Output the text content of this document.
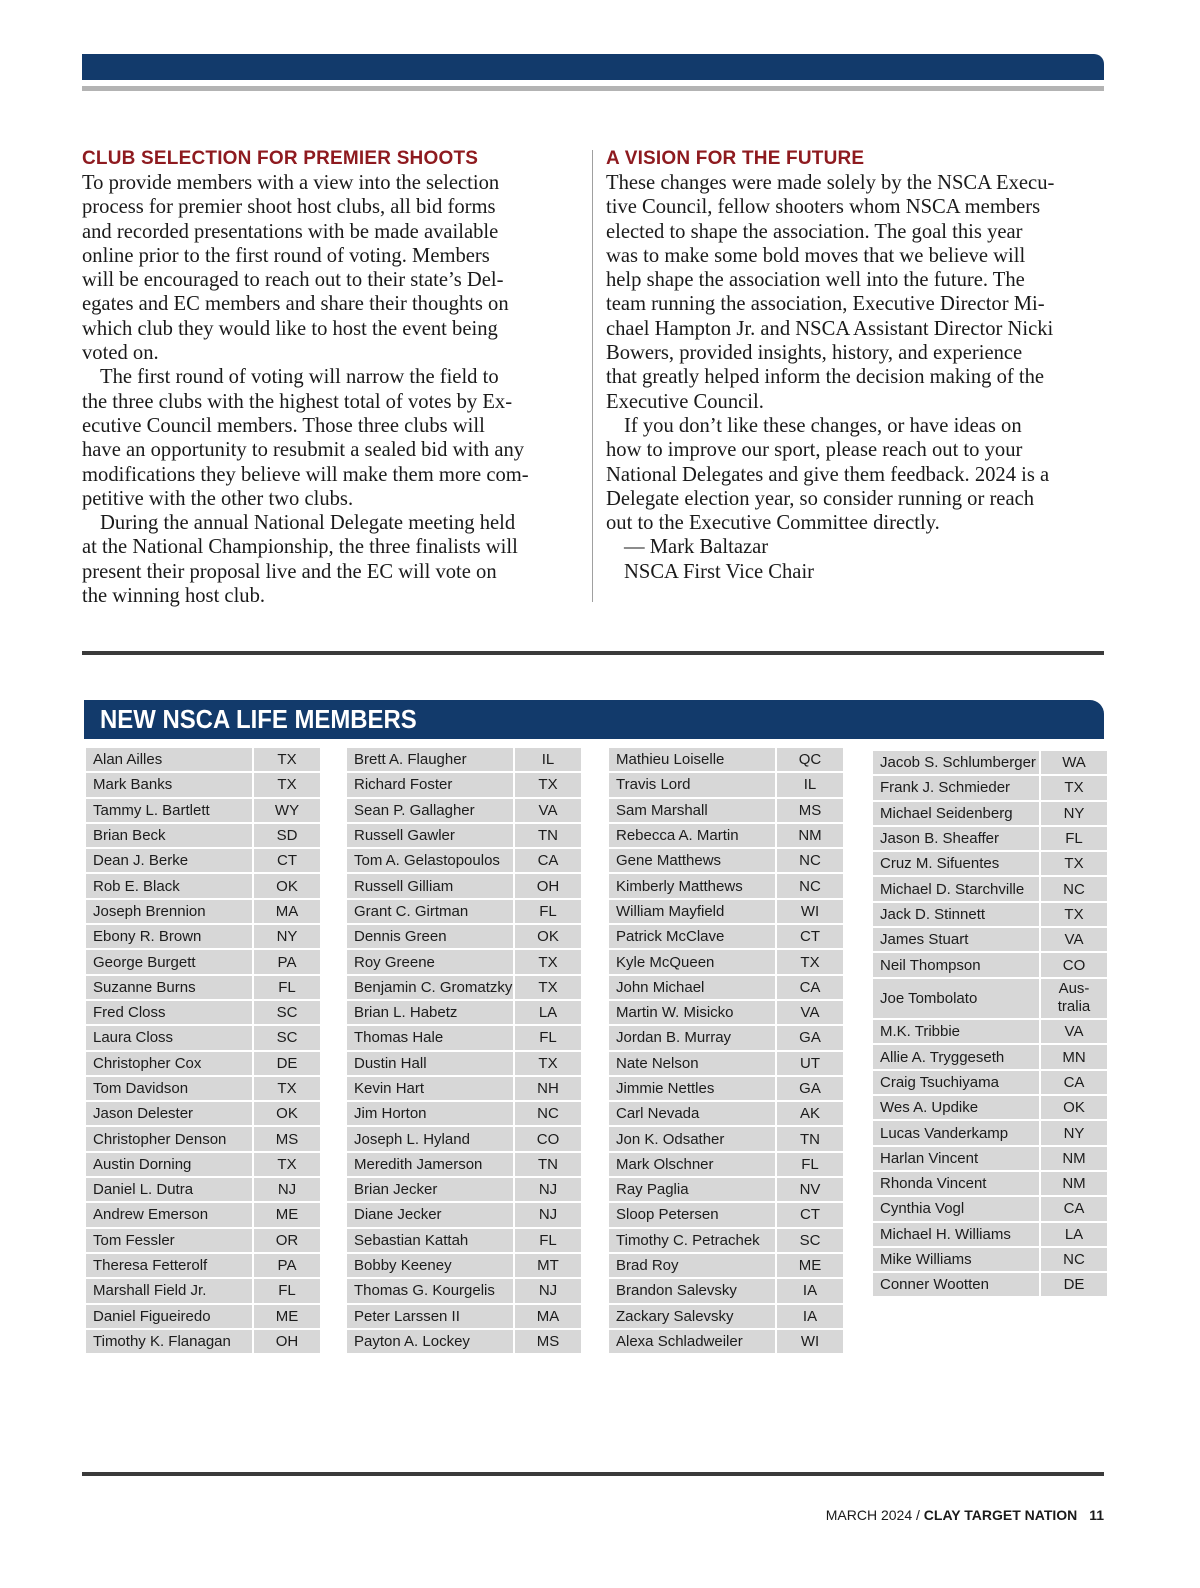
CLUB SELECTION FOR PREMIER SHOOTS
To provide members with a view into the selection
process for premier shoot host clubs, all bid forms
and recorded presentations with be made available
online prior to the first round of voting. Members
will be encouraged to reach out to their state’s Del-
egates and EC members and share their thoughts on
which club they would like to host the event being
voted on.
The first round of voting will narrow the field to
the three clubs with the highest total of votes by Ex-
ecutive Council members. Those three clubs will
have an opportunity to resubmit a sealed bid with any
modifications they believe will make them more com-
petitive with the other two clubs.
During the annual National Delegate meeting held
at the National Championship, the three finalists will
present their proposal live and the EC will vote on
the winning host club.
A VISION FOR THE FUTURE
These changes were made solely by the NSCA Execu-
tive Council, fellow shooters whom NSCA members
elected to shape the association. The goal this year
was to make some bold moves that we believe will
help shape the association well into the future. The
team running the association, Executive Director Mi-
chael Hampton Jr. and NSCA Assistant Director Nicki
Bowers, provided insights, history, and experience
that greatly helped inform the decision making of the
Executive Council.
If you don’t like these changes, or have ideas on
how to improve our sport, please reach out to your
National Delegates and give them feedback. 2024 is a
Delegate election year, so consider running or reach
out to the Executive Committee directly.
— Mark Baltazar
NSCA First Vice Chair
NEW NSCA LIFE MEMBERS
Alan Ailles	TX
Mark Banks	TX
Tammy L. Bartlett	WY
Brian Beck	SD
Dean J. Berke	CT
Rob E. Black	OK
Joseph Brennion	MA
Ebony R. Brown	NY
George Burgett	PA
Suzanne Burns	FL
Fred Closs	SC
Laura Closs	SC
Christopher Cox	DE
Tom Davidson	TX
Jason Delester	OK
Christopher Denson	MS
Austin Dorning	TX
Daniel L. Dutra	NJ
Andrew Emerson	ME
Tom Fessler	OR
Theresa Fetterolf	PA
Marshall Field Jr.	FL
Daniel Figueiredo	ME
Timothy K. Flanagan	OH
Brett A. Flaugher	IL
Richard Foster	TX
Sean P. Gallagher	VA
Russell Gawler	TN
Tom A. Gelastopoulos	CA
Russell Gilliam	OH
Grant C. Girtman	FL
Dennis Green	OK
Roy Greene	TX
Benjamin C. Gromatzky	TX
Brian L. Habetz	LA
Thomas Hale	FL
Dustin Hall	TX
Kevin Hart	NH
Jim Horton	NC
Joseph L. Hyland	CO
Meredith Jamerson	TN
Brian Jecker	NJ
Diane Jecker	NJ
Sebastian Kattah	FL
Bobby Keeney	MT
Thomas G. Kourgelis	NJ
Peter Larssen II	MA
Payton A. Lockey	MS
Mathieu Loiselle	QC
Travis Lord	IL
Sam Marshall	MS
Rebecca A. Martin	NM
Gene Matthews	NC
Kimberly Matthews	NC
William Mayfield	WI
Patrick McClave	CT
Kyle McQueen	TX
John Michael	CA
Martin W. Misicko	VA
Jordan B. Murray	GA
Nate Nelson	UT
Jimmie Nettles	GA
Carl Nevada	AK
Jon K. Odsather	TN
Mark Olschner	FL
Ray Paglia	NV
Sloop Petersen	CT
Timothy C. Petrachek	SC
Brad Roy	ME
Brandon Salevsky	IA
Zackary Salevsky	IA
Alexa Schladweiler	WI
Jacob S. Schlumberger	WA
Frank J. Schmieder	TX
Michael Seidenberg	NY
Jason B. Sheaffer	FL
Cruz M. Sifuentes	TX
Michael D. Starchville	NC
Jack D. Stinnett	TX
James Stuart	VA
Neil Thompson	CO
Joe Tombolato	Aus-
tralia
M.K. Tribbie	VA
Allie A. Tryggeseth	MN
Craig Tsuchiyama	CA
Wes A. Updike	OK
Lucas Vanderkamp	NY
Harlan Vincent	NM
Rhonda Vincent	NM
Cynthia Vogl	CA
Michael H. Williams	LA
Mike Williams	NC
Conner Wootten	DE
MARCH 2024 / CLAY TARGET NATION 11
